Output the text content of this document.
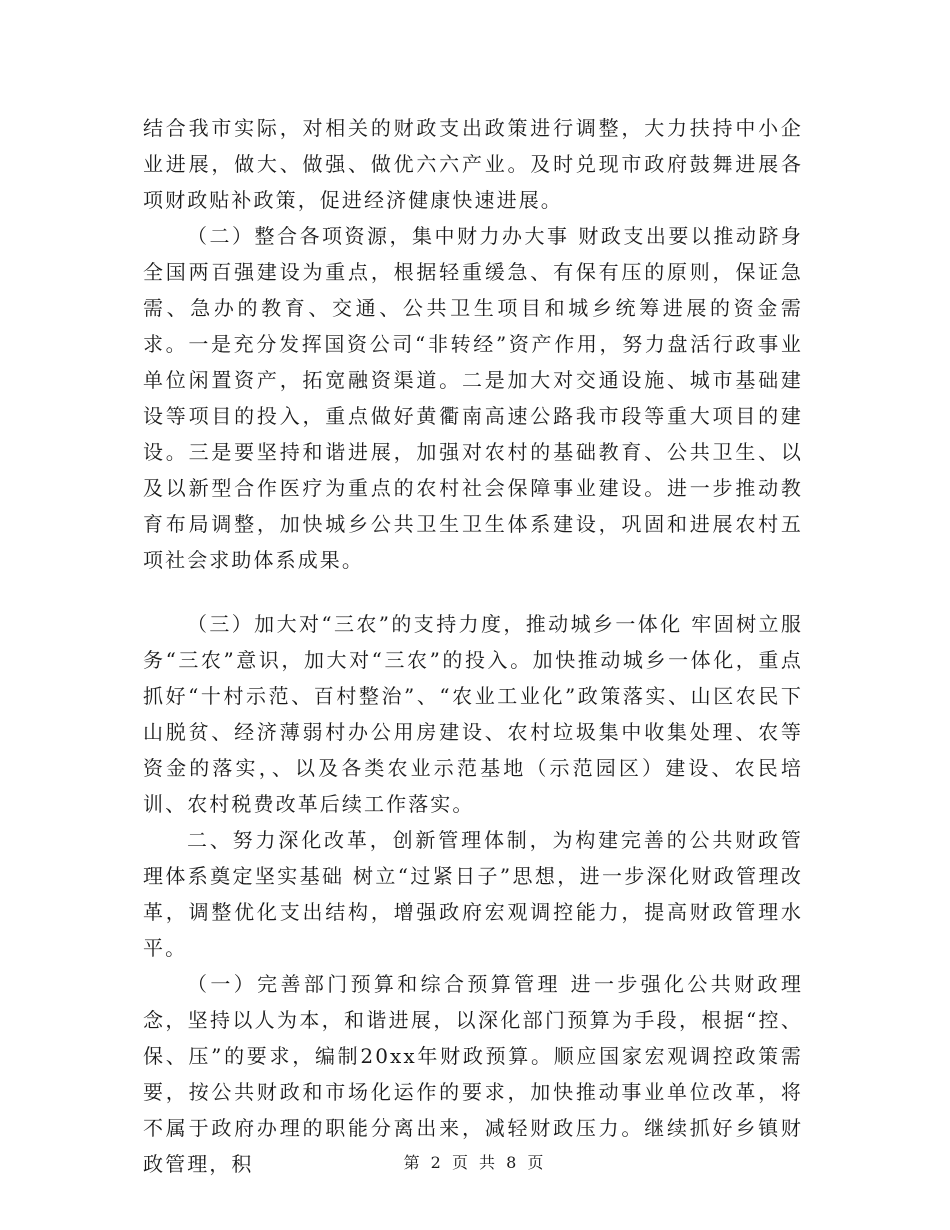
结合我市实际，对相关的财政支出政策进行调整，大力扶持中小企业进展，做大、做强、做优六六产业。及时兑现市政府鼓舞进展各项财政贴补政策，促进经济健康快速进展。

（二）整合各项资源，集中财力办大事 财政支出要以推动跻身全国两百强建设为重点，根据轻重缓急、有保有压的原则，保证急需、急办的教育、交通、公共卫生项目和城乡统筹进展的资金需求。一是充分发挥国资公司“非转经”资产作用，努力盘活行政事业单位闲置资产，拓宽融资渠道。二是加大对交通设施、城市基础建设等项目的投入，重点做好黄衢南高速公路我市段等重大项目的建设。三是要坚持和谐进展，加强对农村的基础教育、公共卫生、以及以新型合作医疗为重点的农村社会保障事业建设。进一步推动教育布局调整，加快城乡公共卫生卫生体系建设，巩固和进展农村五项社会求助体系成果。

（三）加大对“三农”的支持力度，推动城乡一体化 牢固树立服务“三农”意识，加大对“三农”的投入。加快推动城乡一体化，重点抓好“十村示范、百村整治”、“农业工业化”政策落实、山区农民下山脱贫、经济薄弱村办公用房建设、农村垃圾集中收集处理、农等资金的落实，、以及各类农业示范基地（示范园区）建设、农民培训、农村税费改革后续工作落实。

二、努力深化改革，创新管理体制，为构建完善的公共财政管理体系奠定坚实基础 树立“过紧日子”思想，进一步深化财政管理改革，调整优化支出结构，增强政府宏观调控能力，提高财政管理水平。

（一）完善部门预算和综合预算管理 进一步强化公共财政理念，坚持以人为本，和谐进展，以深化部门预算为手段，根据“控、保、压”的要求，编制20xx年财政预算。顺应国家宏观调控政策需要，按公共财政和市场化运作的要求，加快推动事业单位改革，将不属于政府办理的职能分离出来，减轻财政压力。继续抓好乡镇财政管理，积	第 2 页 共 8 页
